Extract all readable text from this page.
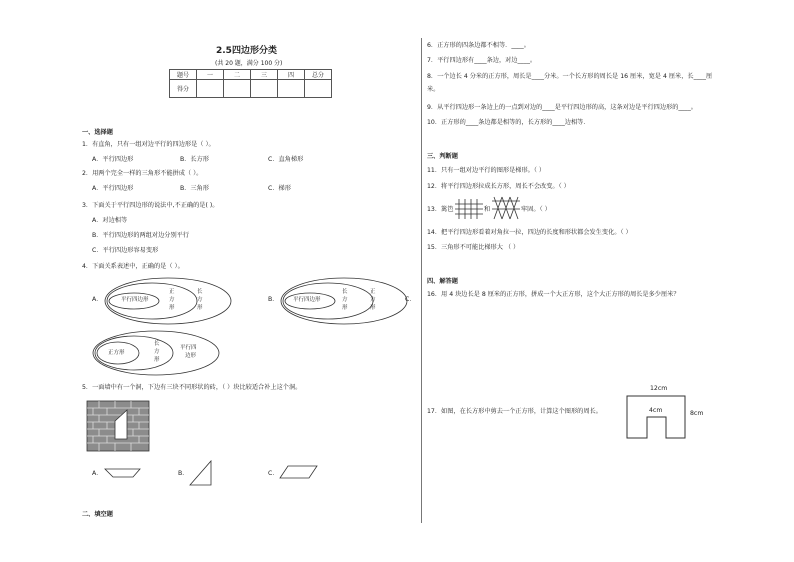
2.5四边形分类
(共 20 题，满分 100 分)
题号	一	二	三	四	总分
得分					
一、选择题
1．有直角，只有一组对边平行的四边形是（ ）。
A．平行四边形	B．长方形	C．直角梯形
2．用两个完全一样的三角形不能拼成（ ）。
A．平行四边形	B．三角形	C．梯形
3．下面关于平行四边形的说法中,不正确的是( )。
A．对边相等
B．平行四边形的两组对边分别平行
C．平行四边形容易变形
4．下面关系表述中，正确的是（ ）。
A．	平行四边形
正
方
形
长
方
形
B．	平行四边形
长
方
形
正
方
形
C．
正方形
长
方
形
平行四
边形
5．一面墙中有一个洞，下边有三块不同形状的砖，（ ）块比较适合补上这个洞。
A．	B．	C．
二、填空题
6．正方形的四条边都不相等．____。
7．平行四边形有____条边，对边____。
8．一个边长 4 分米的正方形，周长是____分米。一个长方形的周长是 16 厘米，宽是 4 厘米，长____厘
米。
9．从平行四边形一条边上的一点到对边的____是平行四边形的高，这条对边是平行四边形的____。
10．正方形的____条边都是相等的，长方形的____边相等．
三、判断题
11．只有一组对边平行的图形是梯形。（ ）
12．将平行四边形拉成长方形，周长不会改变。（ ）
13．篱笆	和	牢固。（ ）
14．把平行四边形看着对角拉一拉，四边的长度和形状都会发生变化。（ ）
15．三角形不可能比梯形大 （ ）
四、解答题
16．用 4 块边长是 8 厘米的正方形，拼成一个大正方形，这个大正方形的周长是多少厘米？
17．如图，在长方形中剪去一个正方形，计算这个图形的周长。
12cm
4cm	8cm
